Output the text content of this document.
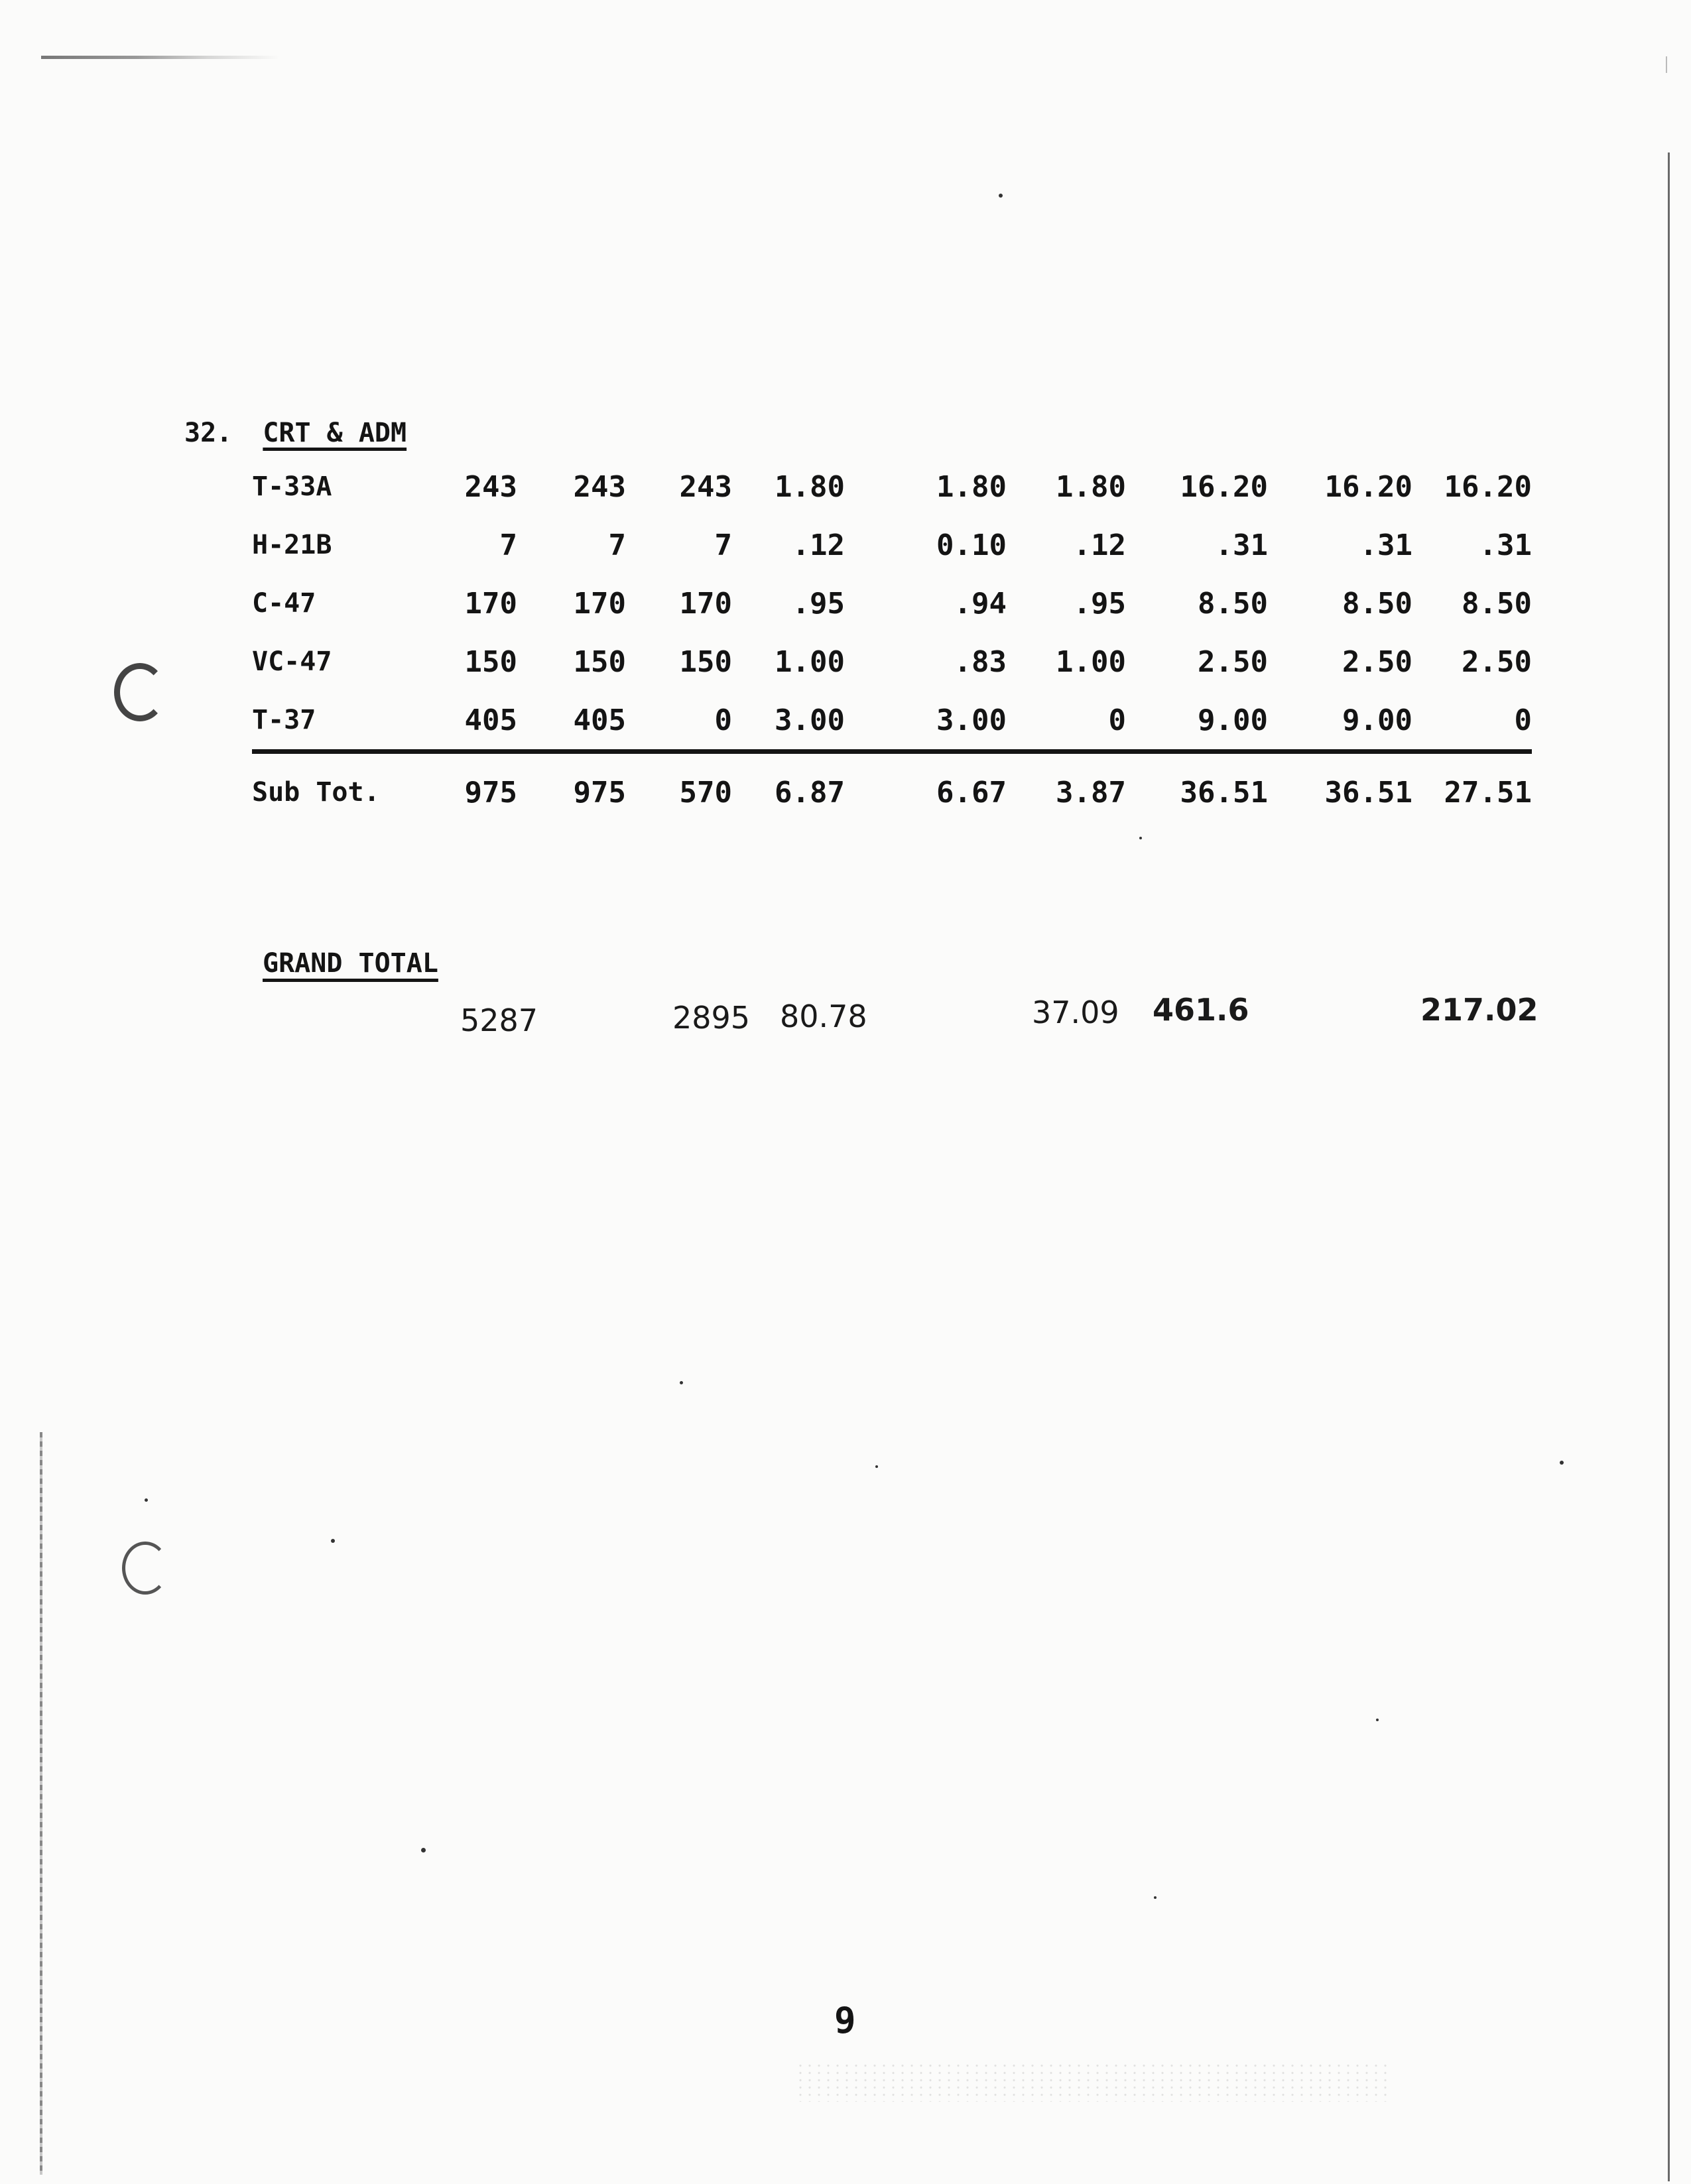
32. CRT & ADM
T-33A	243	243	243	1.80	1.80	1.80	16.20	16.20	16.20
H-21B	7	7	7	.12	0.10	.12	.31	.31	.31
C-47	170	170	170	.95	.94	.95	8.50	8.50	8.50
VC-47	150	150	150	1.00	.83	1.00	2.50	2.50	2.50
T-37	405	405	0	3.00	3.00	0	9.00	9.00	0
Sub Tot.	975	975	570	6.87	6.67	3.87	36.51	36.51	27.51
GRAND TOTAL
5287	2895 80.78	37.09 461.6	217.02
9
